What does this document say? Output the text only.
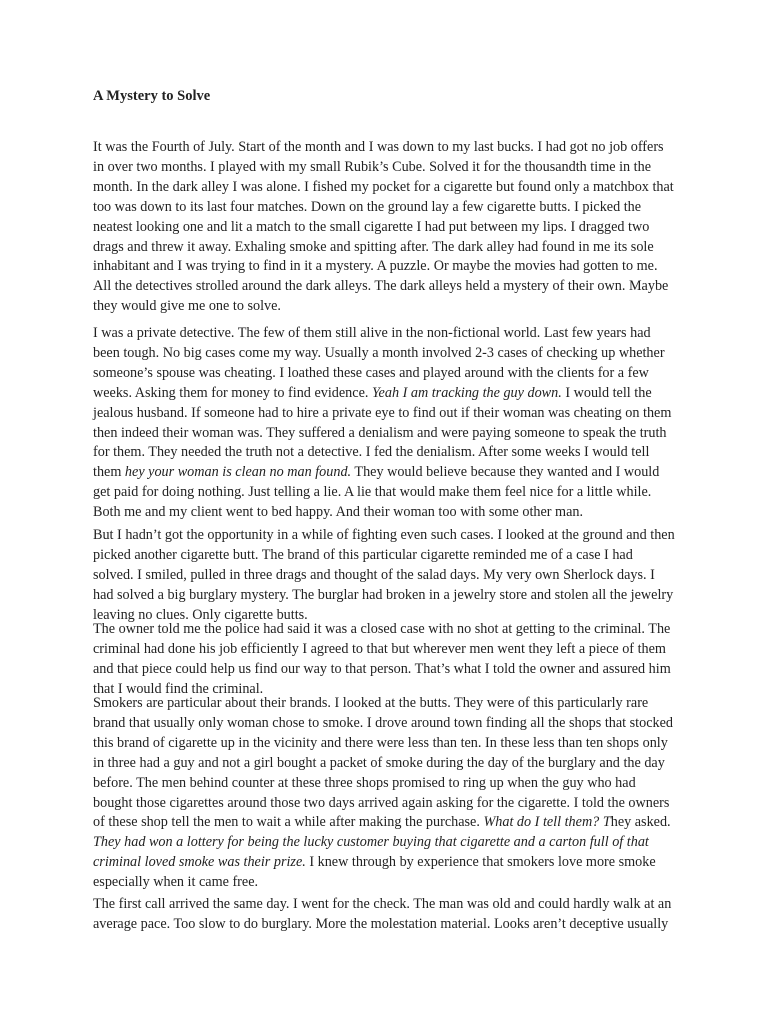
A Mystery to Solve

It was the Fourth of July. Start of the month and I was down to my last bucks. I had got no job offers
in over two months. I played with my small Rubik’s Cube. Solved it for the thousandth time in the
month. In the dark alley I was alone. I fished my pocket for a cigarette but found only a matchbox that
too was down to its last four matches. Down on the ground lay a few cigarette butts. I picked the
neatest looking one and lit a match to the small cigarette I had put between my lips. I dragged two
drags and threw it away. Exhaling smoke and spitting after. The dark alley had found in me its sole
inhabitant and I was trying to find in it a mystery. A puzzle. Or maybe the movies had gotten to me.
All the detectives strolled around the dark alleys. The dark alleys held a mystery of their own. Maybe
they would give me one to solve.

I was a private detective. The few of them still alive in the non-fictional world. Last few years had
been tough. No big cases come my way. Usually a month involved 2-3 cases of checking up whether
someone’s spouse was cheating. I loathed these cases and played around with the clients for a few
weeks. Asking them for money to find evidence. Yeah I am tracking the guy down. I would tell the
jealous husband. If someone had to hire a private eye to find out if their woman was cheating on them
then indeed their woman was. They suffered a denialism and were paying someone to speak the truth
for them. They needed the truth not a detective. I fed the denialism. After some weeks I would tell
them hey your woman is clean no man found. They would believe because they wanted and I would
get paid for doing nothing. Just telling a lie. A lie that would make them feel nice for a little while.
Both me and my client went to bed happy. And their woman too with some other man.

But I hadn’t got the opportunity in a while of fighting even such cases. I looked at the ground and then
picked another cigarette butt. The brand of this particular cigarette reminded me of a case I had
solved. I smiled, pulled in three drags and thought of the salad days. My very own Sherlock days. I
had solved a big burglary mystery. The burglar had broken in a jewelry store and stolen all the jewelry
leaving no clues. Only cigarette butts.

The owner told me the police had said it was a closed case with no shot at getting to the criminal. The
criminal had done his job efficiently I agreed to that but wherever men went they left a piece of them
and that piece could help us find our way to that person. That’s what I told the owner and assured him
that I would find the criminal.

Smokers are particular about their brands. I looked at the butts. They were of this particularly rare
brand that usually only woman chose to smoke. I drove around town finding all the shops that stocked
this brand of cigarette up in the vicinity and there were less than ten. In these less than ten shops only
in three had a guy and not a girl bought a packet of smoke during the day of the burglary and the day
before. The men behind counter at these three shops promised to ring up when the guy who had
bought those cigarettes around those two days arrived again asking for the cigarette. I told the owners
of these shop tell the men to wait a while after making the purchase. What do I tell them? They asked.
They had won a lottery for being the lucky customer buying that cigarette and a carton full of that
criminal loved smoke was their prize. I knew through by experience that smokers love more smoke
especially when it came free.

The first call arrived the same day. I went for the check. The man was old and could hardly walk at an
average pace. Too slow to do burglary. More the molestation material. Looks aren’t deceptive usually
